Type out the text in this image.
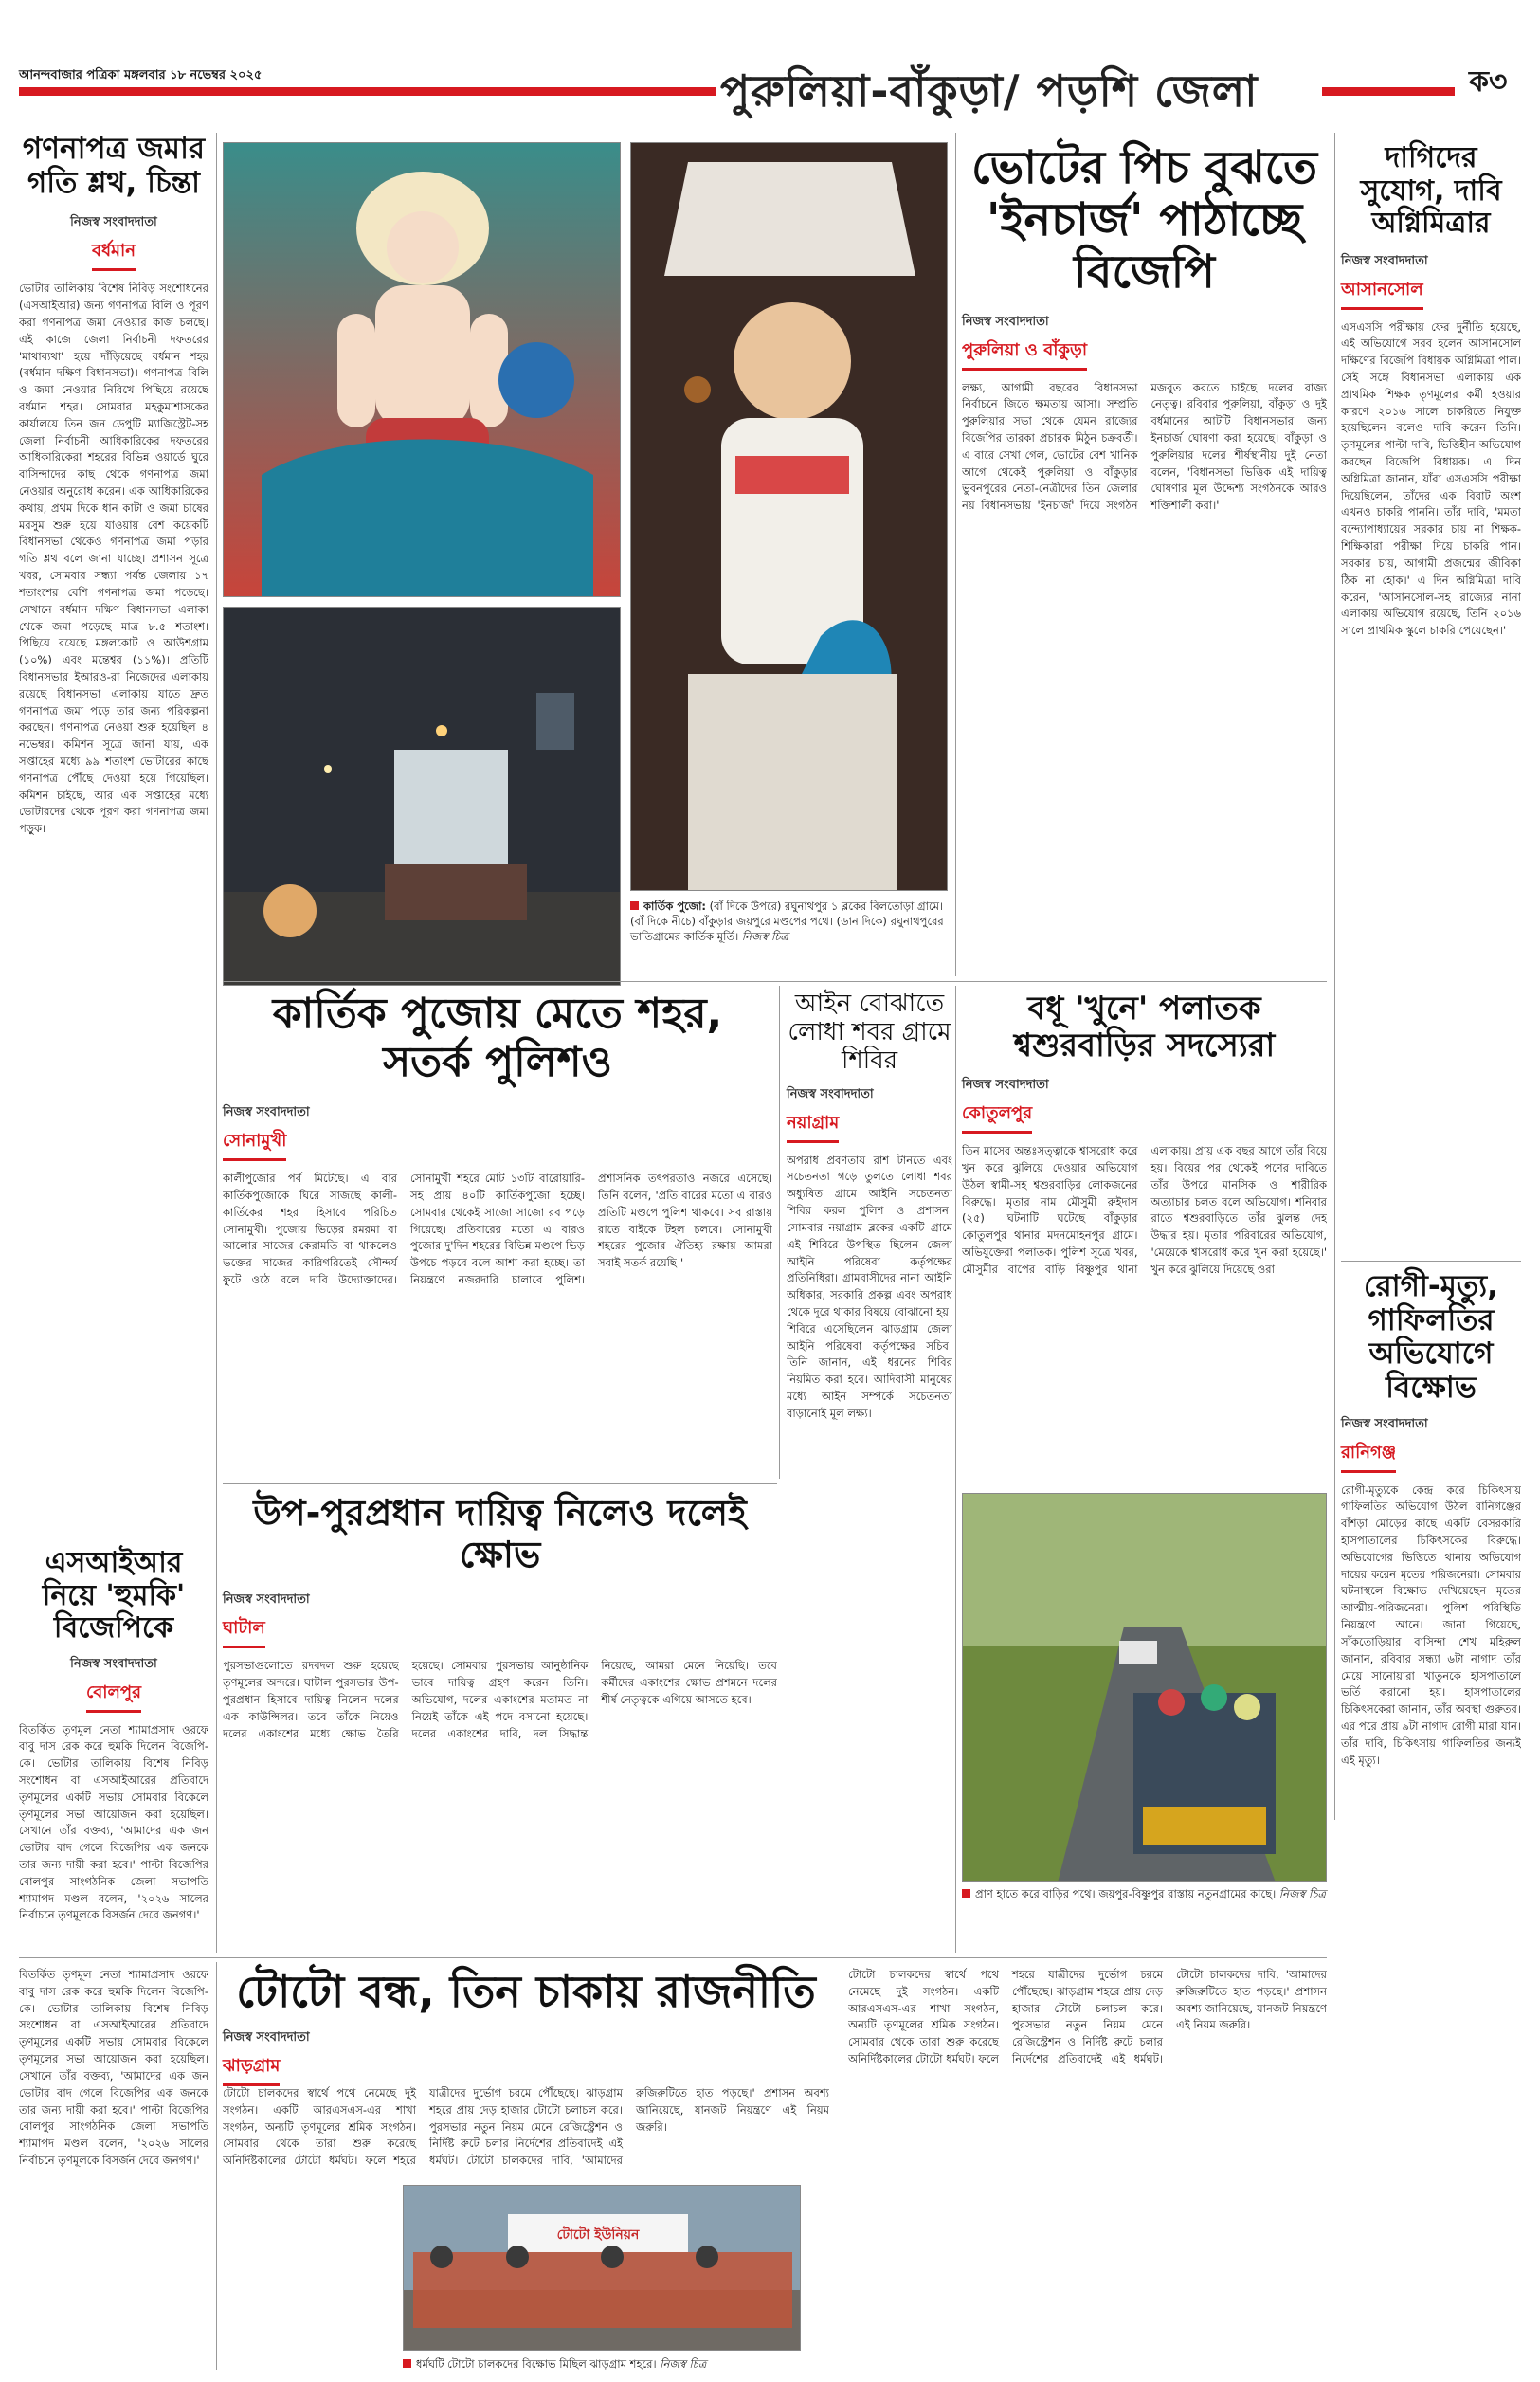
আনন্দবাজার পত্রিকা মঙ্গলবার ১৮ নভেম্বর ২০২৫	পুরুলিয়া-বাঁকুড়া/ পড়শি জেলা	ক৩
গণনাপত্র জমার গতি শ্লথ, চিন্তা
নিজস্ব সংবাদদাতা
বর্ধমান
ভোটার তালিকায় বিশেষ নিবিড় সংশোধনের (এসআইআর) জন্য গণনাপত্র বিলি ও পূরণ করা গণনাপত্র জমা নেওয়ার কাজ চলছে। এই কাজে জেলা নির্বাচনী দফতরের 'মাথাব্যথা' হয়ে দাঁড়িয়েছে বর্ধমান শহর (বর্ধমান দক্ষিণ বিধানসভা)। গণনাপত্র বিলি ও জমা নেওয়ার নিরিখে পিছিয়ে রয়েছে বর্ধমান শহর। সোমবার মহকুমাশাসকের কার্যালয়ে তিন জন ডেপুটি ম্যাজিস্ট্রেট-সহ জেলা নির্বাচনী আধিকারিকের দফতরের আধিকারিকেরা শহরের বিভিন্ন ওয়ার্ডে ঘুরে বাসিন্দাদের কাছ থেকে গণনাপত্র জমা নেওয়ার অনুরোধ করেন। এক আধিকারিকের কথায়, প্রথম দিকে ধান কাটা ও জমা চাষের মরসুম শুরু হয়ে যাওয়ায় বেশ কয়েকটি বিধানসভা থেকেও গণনাপত্র জমা পড়ার গতি শ্লথ বলে জানা যাচ্ছে। প্রশাসন সূত্রে খবর, সোমবার সন্ধ্যা পর্যন্ত জেলায় ১৭ শতাংশের বেশি গণনাপত্র জমা পড়েছে। সেখানে বর্ধমান দক্ষিণ বিধানসভা এলাকা থেকে জমা পড়েছে মাত্র ৮.৫ শতাংশ। পিছিয়ে রয়েছে মঙ্গলকোট ও আউশগ্রাম (১০%) এবং মন্তেশ্বর (১১%)। প্রতিটি বিধানসভার ইআরও-রা নিজেদের এলাকায় রয়েছে বিধানসভা এলাকায় যাতে দ্রুত গণনাপত্র জমা পড়ে তার জন্য পরিকল্পনা করছেন। গণনাপত্র নেওয়া শুরু হয়েছিল ৪ নভেম্বর। কমিশন সূত্রে জানা যায়, এক সপ্তাহের মধ্যে ৯৯ শতাংশ ভোটারের কাছে গণনাপত্র পৌঁছে দেওয়া হয়ে গিয়েছিল। কমিশন চাইছে, আর এক সপ্তাহের মধ্যে ভোটারদের থেকে পূরণ করা গণনাপত্র জমা পড়ুক।
এসআইআর নিয়ে 'হুমকি' বিজেপিকে
নিজস্ব সংবাদদাতা
বোলপুর
বিতর্কিত তৃণমূল নেতা শ্যামাপ্রসাদ ওরফে বাবু দাস রেক করে হুমকি দিলেন বিজেপি-কে। ভোটার তালিকায় বিশেষ নিবিড় সংশোধন বা এসআইআরের প্রতিবাদে তৃণমূলের একটি সভায় সোমবার বিকেলে তৃণমূলের সভা আয়োজন করা হয়েছিল। সেখানে তাঁর বক্তব্য, 'আমাদের এক জন ভোটার বাদ গেলে বিজেপির এক জনকে তার জন্য দায়ী করা হবে।' পাল্টা বিজেপির বোলপুর সাংগঠনিক জেলা সভাপতি শ্যামাপদ মণ্ডল বলেন, '২০২৬ সালের নির্বাচনে তৃণমূলকে বিসর্জন দেবে জনগণ।'
কার্তিক পুজো: (বাঁ দিকে উপরে) রঘুনাথপুর ১ ব্লকের বিলতোড়া গ্রামে। (বাঁ দিকে নীচে) বাঁকুড়ার জয়পুরে মণ্ডপের পথে। (ডান দিকে) রঘুনাথপুরের ভাতিগ্রামের কার্তিক মূর্তি। নিজস্ব চিত্র
ভোটের পিচ বুঝতে 'ইনচার্জ' পাঠাচ্ছে বিজেপি
নিজস্ব সংবাদদাতা
পুরুলিয়া ও বাঁকুড়া
লক্ষ্য, আগামী বছরের বিধানসভা নির্বাচনে জিতে ক্ষমতায় আসা। সম্প্রতি পুরুলিয়ার সভা থেকে যেমন রাজ্যের বিজেপির তারকা প্রচারক মিঠুন চক্রবর্তী। এ বারে সেখা গেল, ভোটের বেশ খানিক আগে থেকেই পুরুলিয়া ও বাঁকুড়ার ভুবনপুরের নেতা-নেত্রীদের তিন জেলার নয় বিধানসভায় 'ইনচার্জ' দিয়ে সংগঠন মজবুত করতে চাইছে দলের রাজ্য নেতৃত্ব। রবিবার পুরুলিয়া, বাঁকুড়া ও দুই বর্ধমানের আটটি বিধানসভার জন্য ইনচার্জ ঘোষণা করা হয়েছে। বাঁকুড়া ও পুরুলিয়ার দলের শীর্ষস্থানীয় দুই নেতা বলেন, 'বিধানসভা ভিত্তিক এই দায়িত্ব ঘোষণার মূল উদ্দেশ্য সংগঠনকে আরও শক্তিশালী করা।'
দাগিদের সুযোগ, দাবি অগ্নিমিত্রার
নিজস্ব সংবাদদাতা
আসানসোল
এসএসসি পরীক্ষায় ফের দুর্নীতি হয়েছে, এই অভিযোগে সরব হলেন আসানসোল দক্ষিণের বিজেপি বিধায়ক অগ্নিমিত্রা পাল। সেই সঙ্গে বিধানসভা এলাকায় এক প্রাথমিক শিক্ষক তৃণমূলের কর্মী হওয়ার কারণে ২০১৬ সালে চাকরিতে নিযুক্ত হয়েছিলেন বলেও দাবি করেন তিনি। তৃণমূলের পাল্টা দাবি, ভিত্তিহীন অভিযোগ করছেন বিজেপি বিধায়ক। এ দিন অগ্নিমিত্রা জানান, যাঁরা এসএসসি পরীক্ষা দিয়েছিলেন, তাঁদের এক বিরাট অংশ এখনও চাকরি পাননি। তাঁর দাবি, 'মমতা বন্দ্যোপাধ্যায়ের সরকার চায় না শিক্ষক-শিক্ষিকারা পরীক্ষা দিয়ে চাকরি পান। সরকার চায়, আগামী প্রজন্মের জীবিকা ঠিক না হোক।' এ দিন অগ্নিমিত্রা দাবি করেন, 'আসানসোল-সহ রাজ্যের নানা এলাকায় অভিযোগ রয়েছে, তিনি ২০১৬ সালে প্রাথমিক স্কুলে চাকরি পেয়েছেন।'
রোগী-মৃত্যু, গাফিলতির অভিযোগে বিক্ষোভ
নিজস্ব সংবাদদাতা
রানিগঞ্জ
রোগী-মৃত্যুকে কেন্দ্র করে চিকিৎসায় গাফিলতির অভিযোগ উঠল রানিগঞ্জের বাঁশড়া মোড়ের কাছে একটি বেসরকারি হাসপাতালের চিকিৎসকের বিরুদ্ধে। অভিযোগের ভিত্তিতে থানায় অভিযোগ দায়ের করেন মৃতের পরিজনেরা। সোমবার ঘটনাস্থলে বিক্ষোভ দেখিয়েছেন মৃতের আত্মীয়-পরিজনেরা। পুলিশ পরিস্থিতি নিয়ন্ত্রণে আনে। জানা গিয়েছে, সাঁকতোড়িয়ার বাসিন্দা শেখ মহিরুল জানান, রবিবার সন্ধ্যা ৬টা নাগাদ তাঁর মেয়ে সানোয়ারা খাতুনকে হাসপাতালে ভর্তি করানো হয়। হাসপাতালের চিকিৎসকেরা জানান, তাঁর অবস্থা গুরুতর। এর পরে প্রায় ৯টা নাগাদ রোগী মারা যান। তাঁর দাবি, চিকিৎসায় গাফিলতির জন্যই এই মৃত্যু।
কার্তিক পুজোয় মেতে শহর, সতর্ক পুলিশও
নিজস্ব সংবাদদাতা
সোনামুখী
কালীপুজোর পর্ব মিটেছে। এ বার কার্তিকপুজোকে ঘিরে সাজছে কালী-কার্তিকের শহর হিসাবে পরিচিত সোনামুখী। পুজোয় ভিড়ের রমরমা বা আলোর সাজের কেরামতি বা থাকলেও ভক্তের সাজের কারিগরিতেই সৌন্দর্য ফুটে ওঠে বলে দাবি উদ্যোক্তাদের। সোনামুখী শহরে মোট ১৩টি বারোয়ারি-সহ প্রায় ৪০টি কার্তিকপুজো হচ্ছে। সোমবার থেকেই সাজো সাজো রব পড়ে গিয়েছে। প্রতিবারের মতো এ বারও পুজোর দু'দিন শহরের বিভিন্ন মণ্ডপে ভিড় উপচে পড়বে বলে আশা করা হচ্ছে। তা নিয়ন্ত্রণে নজরদারি চালাবে পুলিশ। প্রশাসনিক তৎপরতাও নজরে এসেছে। তিনি বলেন, 'প্রতি বারের মতো এ বারও প্রতিটি মণ্ডপে পুলিশ থাকবে। সব রাস্তায় রাতে বাইকে টহল চলবে। সোনামুখী শহরের পুজোর ঐতিহ্য রক্ষায় আমরা সবাই সতর্ক রয়েছি।'
আইন বোঝাতে লোধা শবর গ্রামে শিবির
নিজস্ব সংবাদদাতা
নয়াগ্রাম
অপরাধ প্রবণতায় রাশ টানতে এবং সচেতনতা গড়ে তুলতে লোধা শবর অধ্যুষিত গ্রামে আইনি সচেতনতা শিবির করল পুলিশ ও প্রশাসন। সোমবার নয়াগ্রাম ব্লকের একটি গ্রামে এই শিবিরে উপস্থিত ছিলেন জেলা আইনি পরিষেবা কর্তৃপক্ষের প্রতিনিধিরা। গ্রামবাসীদের নানা আইনি অধিকার, সরকারি প্রকল্প এবং অপরাধ থেকে দূরে থাকার বিষয়ে বোঝানো হয়। শিবিরে এসেছিলেন ঝাড়গ্রাম জেলা আইনি পরিষেবা কর্তৃপক্ষের সচিব। তিনি জানান, এই ধরনের শিবির নিয়মিত করা হবে। আদিবাসী মানুষের মধ্যে আইন সম্পর্কে সচেতনতা বাড়ানোই মূল লক্ষ্য।
বধূ 'খুনে' পলাতক শ্বশুরবাড়ির সদস্যেরা
নিজস্ব সংবাদদাতা
কোতুলপুর
তিন মাসের অন্তঃসত্ত্বাকে শ্বাসরোধ করে খুন করে ঝুলিয়ে দেওয়ার অভিযোগ উঠল স্বামী-সহ শ্বশুরবাড়ির লোকজনের বিরুদ্ধে। মৃতার নাম মৌসুমী রুইদাস (২৫)। ঘটনাটি ঘটেছে বাঁকুড়ার কোতুলপুর থানার মদনমোহনপুর গ্রামে। অভিযুক্তেরা পলাতক। পুলিশ সূত্রে খবর, মৌসুমীর বাপের বাড়ি বিষ্ণুপুর থানা এলাকায়। প্রায় এক বছর আগে তাঁর বিয়ে হয়। বিয়ের পর থেকেই পণের দাবিতে তাঁর উপরে মানসিক ও শারীরিক অত্যাচার চলত বলে অভিযোগ। শনিবার রাতে শ্বশুরবাড়িতে তাঁর ঝুলন্ত দেহ উদ্ধার হয়। মৃতার পরিবারের অভিযোগ, 'মেয়েকে শ্বাসরোধ করে খুন করা হয়েছে।' খুন করে ঝুলিয়ে দিয়েছে ওরা।
প্রাণ হাতে করে বাড়ির পথে। জয়পুর-বিষ্ণুপুর রাস্তায় নতুনগ্রামের কাছে। নিজস্ব চিত্র
উপ-পুরপ্রধান দায়িত্ব নিলেও দলেই ক্ষোভ
নিজস্ব সংবাদদাতা
ঘাটাল
পুরসভাগুলোতে রদবদল শুরু হয়েছে তৃণমূলের অন্দরে। ঘাটাল পুরসভার উপ-পুরপ্রধান হিসাবে দায়িত্ব নিলেন দলের এক কাউন্সিলর। তবে তাঁকে নিয়েও দলের একাংশের মধ্যে ক্ষোভ তৈরি হয়েছে। সোমবার পুরসভায় আনুষ্ঠানিক ভাবে দায়িত্ব গ্রহণ করেন তিনি। অভিযোগ, দলের একাংশের মতামত না নিয়েই তাঁকে এই পদে বসানো হয়েছে। দলের একাংশের দাবি, দল সিদ্ধান্ত নিয়েছে, আমরা মেনে নিয়েছি। তবে কর্মীদের একাংশের ক্ষোভ প্রশমনে দলের শীর্ষ নেতৃত্বকে এগিয়ে আসতে হবে।
বিতর্কিত তৃণমূল নেতা শ্যামাপ্রসাদ ওরফে বাবু দাস রেক করে হুমকি দিলেন বিজেপি-কে। ভোটার তালিকায় বিশেষ নিবিড় সংশোধন বা এসআইআরের প্রতিবাদে তৃণমূলের একটি সভায় সোমবার বিকেলে তৃণমূলের সভা আয়োজন করা হয়েছিল। সেখানে তাঁর বক্তব্য, 'আমাদের এক জন ভোটার বাদ গেলে বিজেপির এক জনকে তার জন্য দায়ী করা হবে।' পাল্টা বিজেপির বোলপুর সাংগঠনিক জেলা সভাপতি শ্যামাপদ মণ্ডল বলেন, '২০২৬ সালের নির্বাচনে তৃণমূলকে বিসর্জন দেবে জনগণ।'
টোটো বন্ধ, তিন চাকায় রাজনীতি
নিজস্ব সংবাদদাতা
ঝাড়গ্রাম
টোটো চালকদের স্বার্থে পথে নেমেছে দুই সংগঠন। একটি আরএসএস-এর শাখা সংগঠন, অন্যটি তৃণমূলের শ্রমিক সংগঠন। সোমবার থেকে তারা শুরু করেছে অনির্দিষ্টকালের টোটো ধর্মঘট। ফলে শহরে যাত্রীদের দুর্ভোগ চরমে পৌঁছেছে। ঝাড়গ্রাম শহরে প্রায় দেড় হাজার টোটো চলাচল করে। পুরসভার নতুন নিয়ম মেনে রেজিস্ট্রেশন ও নির্দিষ্ট রুটে চলার নির্দেশের প্রতিবাদেই এই ধর্মঘট। টোটো চালকদের দাবি, 'আমাদের রুজিরুটিতে হাত পড়ছে।' প্রশাসন অবশ্য জানিয়েছে, যানজট নিয়ন্ত্রণে এই নিয়ম জরুরি।
টোটো চালকদের স্বার্থে পথে নেমেছে দুই সংগঠন। একটি আরএসএস-এর শাখা সংগঠন, অন্যটি তৃণমূলের শ্রমিক সংগঠন। সোমবার থেকে তারা শুরু করেছে অনির্দিষ্টকালের টোটো ধর্মঘট। ফলে শহরে যাত্রীদের দুর্ভোগ চরমে পৌঁছেছে। ঝাড়গ্রাম শহরে প্রায় দেড় হাজার টোটো চলাচল করে। পুরসভার নতুন নিয়ম মেনে রেজিস্ট্রেশন ও নির্দিষ্ট রুটে চলার নির্দেশের প্রতিবাদেই এই ধর্মঘট। টোটো চালকদের দাবি, 'আমাদের রুজিরুটিতে হাত পড়ছে।' প্রশাসন অবশ্য জানিয়েছে, যানজট নিয়ন্ত্রণে এই নিয়ম জরুরি।
টোটো ইউনিয়ন
ধর্মঘটি টোটো চালকদের বিক্ষোভ মিছিল ঝাড়গ্রাম শহরে। নিজস্ব চিত্র
